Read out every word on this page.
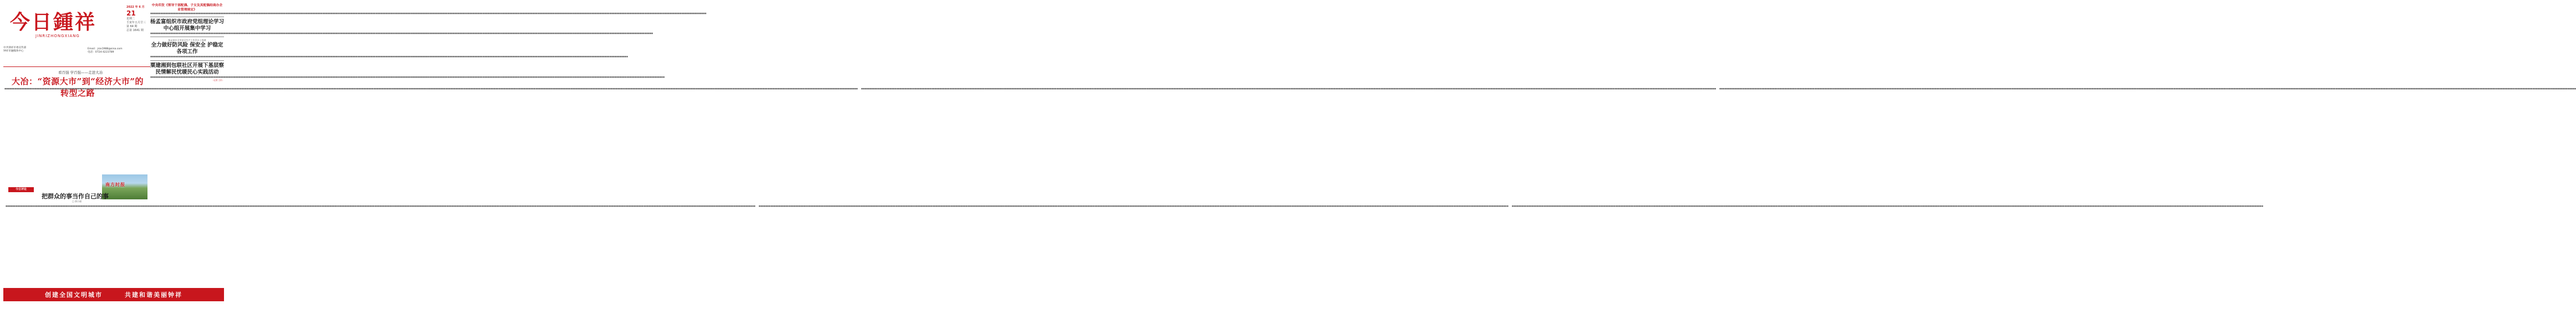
今日鍾祥
JINRIZHONGXIANG
中共钟祥市委宣传部
钟祥市融媒体中心
Email：jrzx1988@sina.com
电话：0724-4223789
2022 年 6 月
21
星期二
壬寅年五月廿三
第 64 期
总第 1641 期
中央印发《领导干部配偶、子女及其配偶经商办企业管理规定》
■■■■■■■■■■■■■■■■■■■■■■■■■■■■■■■■■■■■■■■■■■■■■■■■■■■■■■■■■■■■■■■■■■■■■■■■■■■■■■■■■■■■■■■■■■■■■■■■■■■■■■■■■■■■■■■■■■■■■■■■■■■■■■■■■■■■■■■■■■■■■■■■■■■■■■■■■■■■■■■■■■■■■■■■■■■■■■■■■■■■■■■■■■■■■■■■■■■■■■■■■■■■■■■■■■■■■■■■■■■■■■■■■■■■■■■■■■■■■■■■■■■■■■■■■■■■■■■■■■■■■■■■■■■■■■■■■■■■■■■■■■■■■■■■■■■■■■■■■■■■■■■■■■■■■■■■■■■■■■■■■■■■■■■■■■■■■
杨孟富组织市政府党组理论学习中心组开展集中学习
■■■■■■■■■■■■■■■■■■■■■■■■■■■■■■■■■■■■■■■■■■■■■■■■■■■■■■■■■■■■■■■■■■■■■■■■■■■■■■■■■■■■■■■■■■■■■■■■■■■■■■■■■■■■■■■■■■■■■■■■■■■■■■■■■■■■■■■■■■■■■■■■■■■■■■■■■■■■■■■■■■■■■■■■■■■■■■■■■■■■■■■■■■■■■■■■■■■■■■■■■■■■■■■■■■■■■■■■■■■■■■■■■■■■■■■■■■■■■■■■■■■■■■■■■■■■■■■■■■■■■■■■■■■■■■■■■■■■■■■■■■■■■■■■■■■■■■■■■■■■■
杨孟富在全市安全生产工作会议上强调
全力做好防风险 保安全 护稳定各项工作
■■■■■■■■■■■■■■■■■■■■■■■■■■■■■■■■■■■■■■■■■■■■■■■■■■■■■■■■■■■■■■■■■■■■■■■■■■■■■■■■■■■■■■■■■■■■■■■■■■■■■■■■■■■■■■■■■■■■■■■■■■■■■■■■■■■■■■■■■■■■■■■■■■■■■■■■■■■■■■■■■■■■■■■■■■■■■■■■■■■■■■■■■■■■■■■■■■■■■■■■■■■■■■■■■■■■■■■■■■■■■■■■■■■■■■■■■■■■■■■■■■■■■■■■■■■■■■■■■■■■■■■■■■■■■■■■■■■■■■■■■■■■■■
粟建湘到包联社区开展下基层察民情解民忧暖民心实践活动
■■■■■■■■■■■■■■■■■■■■■■■■■■■■■■■■■■■■■■■■■■■■■■■■■■■■■■■■■■■■■■■■■■■■■■■■■■■■■■■■■■■■■■■■■■■■■■■■■■■■■■■■■■■■■■■■■■■■■■■■■■■■■■■■■■■■■■■■■■■■■■■■■■■■■■■■■■■■■■■■■■■■■■■■■■■■■■■■■■■■■■■■■■■■■■■■■■■■■■■■■■■■■■■■■■■■■■■■■■■■■■■■■■■■■■■■■■■■■■■■■■■■■■■■■■■■■■■■■■■■■■■■■■■■■■■■■■■■■■■■■■■■■■■■■■■■■■■■■■■■■■■■■■■■
（记者 王东）
看百强 学百强——走进大冶
大冶：“资源大市”到“经济大市”的转型之路
■■■■■■■■■■■■■■■■■■■■■■■■■■■■■■■■■■■■■■■■■■■■■■■■■■■■■■■■■■■■■■■■■■■■■■■■■■■■■■■■■■■■■■■■■■■■■■■■■■■■■■■■■■■■■■■■■■■■■■■■■■■■■■■■■■■■■■■■■■■■■■■■■■■■■■■■■■■■■■■■■■■■■■■■■■■■■■■■■■■■■■■■■■■■■■■■■■■■■■■■■■■■■■■■■■■■■■■■■■■■■■■■■■■■■■■■■■■■■■■■■■■■■■■■■■■■■■■■■■■■■■■■■■■■■■■■■■■■■■■■■■■■■■■■■■■■■■■■■■■■■■■■■■■■■■■■■■■■■■■■■■■■■■■■■■■■■■■■■■■■■■■■■■■■■■■■■■■■■■■■■■■■■■■■■■■■■■■■■■■■■■■■■■■■■■■■■■■■■■■■■■■■■■■■■■■■■■■■■■■■■■■■■■■■■■■■■■■■■■■■■■■■■■■■■■■■■■■■■■■■■■■■■■■■■■■■■■■■■■■■■■■■■■■■■■■■■■■■■■■■■■■■■■■■■■■ ■■■■■■■■■■■■■■■■■■■■■■■■■■■■■■■■■■■■■■■■■■■■■■■■■■■■■■■■■■■■■■■■■■■■■■■■■■■■■■■■■■■■■■■■■■■■■■■■■■■■■■■■■■■■■■■■■■■■■■■■■■■■■■■■■■■■■■■■■■■■■■■■■■■■■■■■■■■■■■■■■■■■■■■■■■■■■■■■■■■■■■■■■■■■■■■■■■■■■■■■■■■■■■■■■■■■■■■■■■■■■■■■■■■■■■■■■■■■■■■■■■■■■■■■■■■■■■■■■■■■■■■■■■■■■■■■■■■■■■■■■■■■■■■■■■■■■■■■■■■■■■■■■■■■■■■■■■■■■■■■■■■■■■■■■■■■■■■■■■■■■■■■■■■■■■■■■■■■■■■■■■■■■■■■■■■■■■■■■■■■■■■■■■■■■■■■■■■■■■■■■■■■■■■■■■■■■■■■■■■■■■■■■■■■■■■■■■■■■■■■■■■■■■■■■■■■■■■■■■■■■■■■■■■■■■■■■■■■■■■■■■■■■■■■■■■■■■■■■■■■■■■■■■■■■■■■ ■■■■■■■■■■■■■■■■■■■■■■■■■■■■■■■■■■■■■■■■■■■■■■■■■■■■■■■■■■■■■■■■■■■■■■■■■■■■■■■■■■■■■■■■■■■■■■■■■■■■■■■■■■■■■■■■■■■■■■■■■■■■■■■■■■■■■■■■■■■■■■■■■■■■■■■■■■■■■■■■■■■■■■■■■■■■■■■■■■■■■■■■■■■■■■■■■■■■■■■■■■■■■■■■■■■■■■■■■■■■■■■■■■■■■■■■■■■■■■■■■■■■■■■■■■■■■■■■■■■■■■■■■■■■■■■■■■■■■■■■■■■■■■■■■■■■■■■■■■■■■■■■■■■■■■■■■■■■■■■■■■■■■■■■■■■■■■■■■■■■■■■■■■■■■■■■■■■■■■■■■■■■■■■■■■■■■■■■■■■■■■■■■■■■■■■■■■■■■■■■■■■■■■■■■■■■■■■■■■■■■■■■■■■■■■■■■■■■■■■■■■■■■■■■■■■■■■■■■■■■■■■■■■■■■■■■■■■■■■■■■■■■■■■■■■■■■■■■■■■■■■■■■■■■■■■■■
南方时报
今日评论
把群众的事当作自己的事
□ 郭小丽
■■■■■■■■■■■■■■■■■■■■■■■■■■■■■■■■■■■■■■■■■■■■■■■■■■■■■■■■■■■■■■■■■■■■■■■■■■■■■■■■■■■■■■■■■■■■■■■■■■■■■■■■■■■■■■■■■■■■■■■■■■■■■■■■■■■■■■■■■■■■■■■■■■■■■■■■■■■■■■■■■■■■■■■■■■■■■■■■■■■■■■■■■■■■■■■■■■■■■■■■■■■■■■■■■■■■■■■■■■■■■■■■■■■■■■■■■■■■■■■■■■■■■■■■■■■■■■■■■■■■■■■■■■■■■■■■■■■■■■■■■■■■■■■■■■■■■■■■■■■■■■■■■■■■■■■■■■■■■■■■■■■■■■■■■■■■■■■■■■■■■■■■■■■■■■■■■■■■■■■■■■■■■■■■■■■■■■■■■■■■■■■■■■■■■■■■■■■■■■■■■■■■■■■■■■■■■■■■■■■■■■■■■■■■■■■■■■■■■■■■■■■■■■■■■ ■■■■■■■■■■■■■■■■■■■■■■■■■■■■■■■■■■■■■■■■■■■■■■■■■■■■■■■■■■■■■■■■■■■■■■■■■■■■■■■■■■■■■■■■■■■■■■■■■■■■■■■■■■■■■■■■■■■■■■■■■■■■■■■■■■■■■■■■■■■■■■■■■■■■■■■■■■■■■■■■■■■■■■■■■■■■■■■■■■■■■■■■■■■■■■■■■■■■■■■■■■■■■■■■■■■■■■■■■■■■■■■■■■■■■■■■■■■■■■■■■■■■■■■■■■■■■■■■■■■■■■■■■■■■■■■■■■■■■■■■■■■■■■■■■■■■■■■■■■■■■■■■■■■■■■■■■■■■■■■■■■■■■■■■■■■■■■■■■■■■■■■■■■■■■■■■■■■■■■■■■■■■■■■■■■■■■■■■■■■■■■■■■■■■■■■■■■■■■■■■■■■■■■■■■■■■■■■■■■■■■■■■■■■■■■■■■■■■■■■■■■■■■■■■■ ■■■■■■■■■■■■■■■■■■■■■■■■■■■■■■■■■■■■■■■■■■■■■■■■■■■■■■■■■■■■■■■■■■■■■■■■■■■■■■■■■■■■■■■■■■■■■■■■■■■■■■■■■■■■■■■■■■■■■■■■■■■■■■■■■■■■■■■■■■■■■■■■■■■■■■■■■■■■■■■■■■■■■■■■■■■■■■■■■■■■■■■■■■■■■■■■■■■■■■■■■■■■■■■■■■■■■■■■■■■■■■■■■■■■■■■■■■■■■■■■■■■■■■■■■■■■■■■■■■■■■■■■■■■■■■■■■■■■■■■■■■■■■■■■■■■■■■■■■■■■■■■■■■■■■■■■■■■■■■■■■■■■■■■■■■■■■■■■■■■■■■■■■■■■■■■■■■■■■■■■■■■■■■■■■■■■■■■■■■■■■■■■■■■■■■■■■■■■■■■■■■■■■■■■■■■■■■■■■■■■■■■■■■■■■■■■■■■■■■■■■■■■■■■■■■
创建全国文明城市	共建和谐美丽钟祥
